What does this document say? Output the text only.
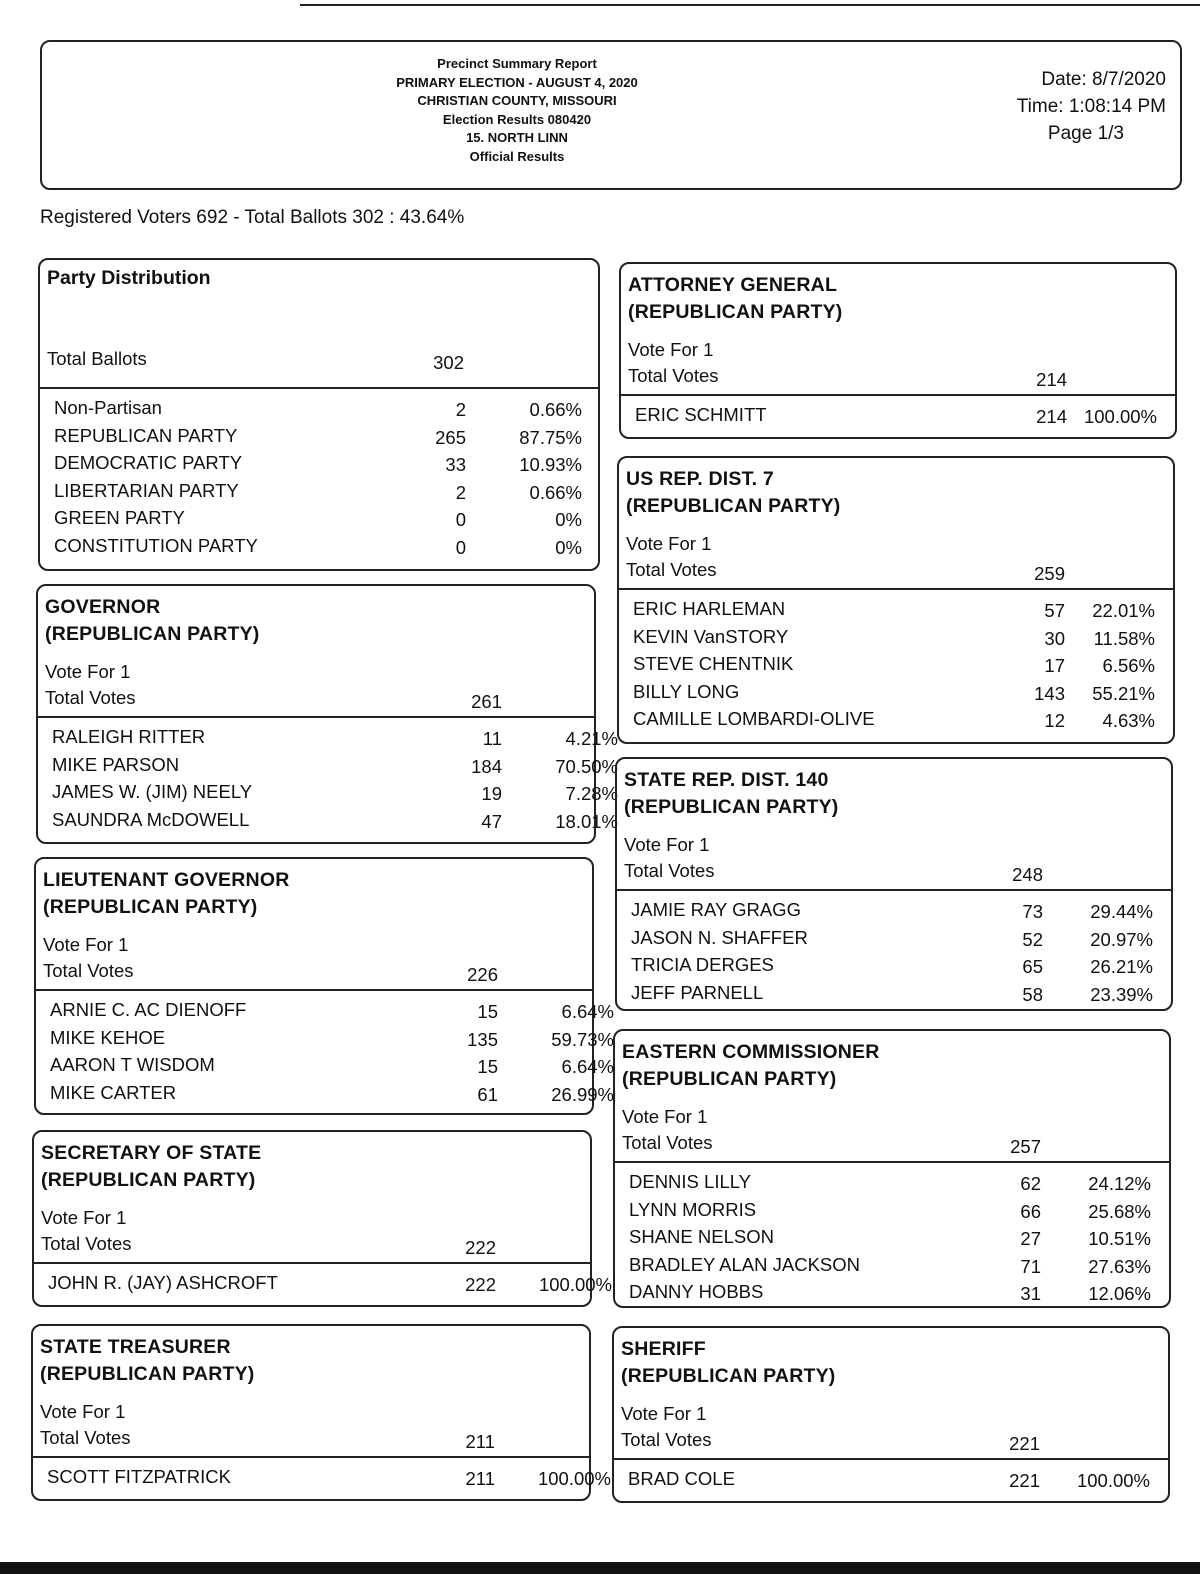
Precinct Summary Report
PRIMARY ELECTION - AUGUST 4, 2020
CHRISTIAN COUNTY, MISSOURI
Election Results 080420
15. NORTH LINN
Official Results
Date: 8/7/2020
Time: 1:08:14 PM
Page 1/3
Registered Voters 692 - Total Ballots 302 : 43.64%
Party Distribution
Total Ballots	302
Non-Partisan	2	0.66%
REPUBLICAN PARTY	265	87.75%
DEMOCRATIC PARTY	33	10.93%
LIBERTARIAN PARTY	2	0.66%
GREEN PARTY	0	0%
CONSTITUTION PARTY	0	0%
GOVERNOR
(REPUBLICAN PARTY)
Vote For 1
Total Votes	261
RALEIGH RITTER	11	4.21%
MIKE PARSON	184	70.50%
JAMES W. (JIM) NEELY	19	7.28%
SAUNDRA McDOWELL	47	18.01%
LIEUTENANT GOVERNOR
(REPUBLICAN PARTY)
Vote For 1
Total Votes	226
ARNIE C. AC DIENOFF	15	6.64%
MIKE KEHOE	135	59.73%
AARON T WISDOM	15	6.64%
MIKE CARTER	61	26.99%
SECRETARY OF STATE
(REPUBLICAN PARTY)
Vote For 1
Total Votes	222
JOHN R. (JAY) ASHCROFT	222	100.00%
STATE TREASURER
(REPUBLICAN PARTY)
Vote For 1
Total Votes	211
SCOTT FITZPATRICK	211	100.00%
ATTORNEY GENERAL
(REPUBLICAN PARTY)
Vote For 1
Total Votes	214
ERIC SCHMITT	214 100.00%
US REP. DIST. 7
(REPUBLICAN PARTY)
Vote For 1
Total Votes	259
ERIC HARLEMAN	57	22.01%
KEVIN VanSTORY	30	11.58%
STEVE CHENTNIK	17	6.56%
BILLY LONG	143	55.21%
CAMILLE LOMBARDI-OLIVE	12	4.63%
STATE REP. DIST. 140
(REPUBLICAN PARTY)
Vote For 1
Total Votes	248
JAMIE RAY GRAGG	73	29.44%
JASON N. SHAFFER	52	20.97%
TRICIA DERGES	65	26.21%
JEFF PARNELL	58	23.39%
EASTERN COMMISSIONER
(REPUBLICAN PARTY)
Vote For 1
Total Votes	257
DENNIS LILLY	62	24.12%
LYNN MORRIS	66	25.68%
SHANE NELSON	27	10.51%
BRADLEY ALAN JACKSON	71	27.63%
DANNY HOBBS	31	12.06%
SHERIFF
(REPUBLICAN PARTY)
Vote For 1
Total Votes	221
BRAD COLE	221	100.00%
